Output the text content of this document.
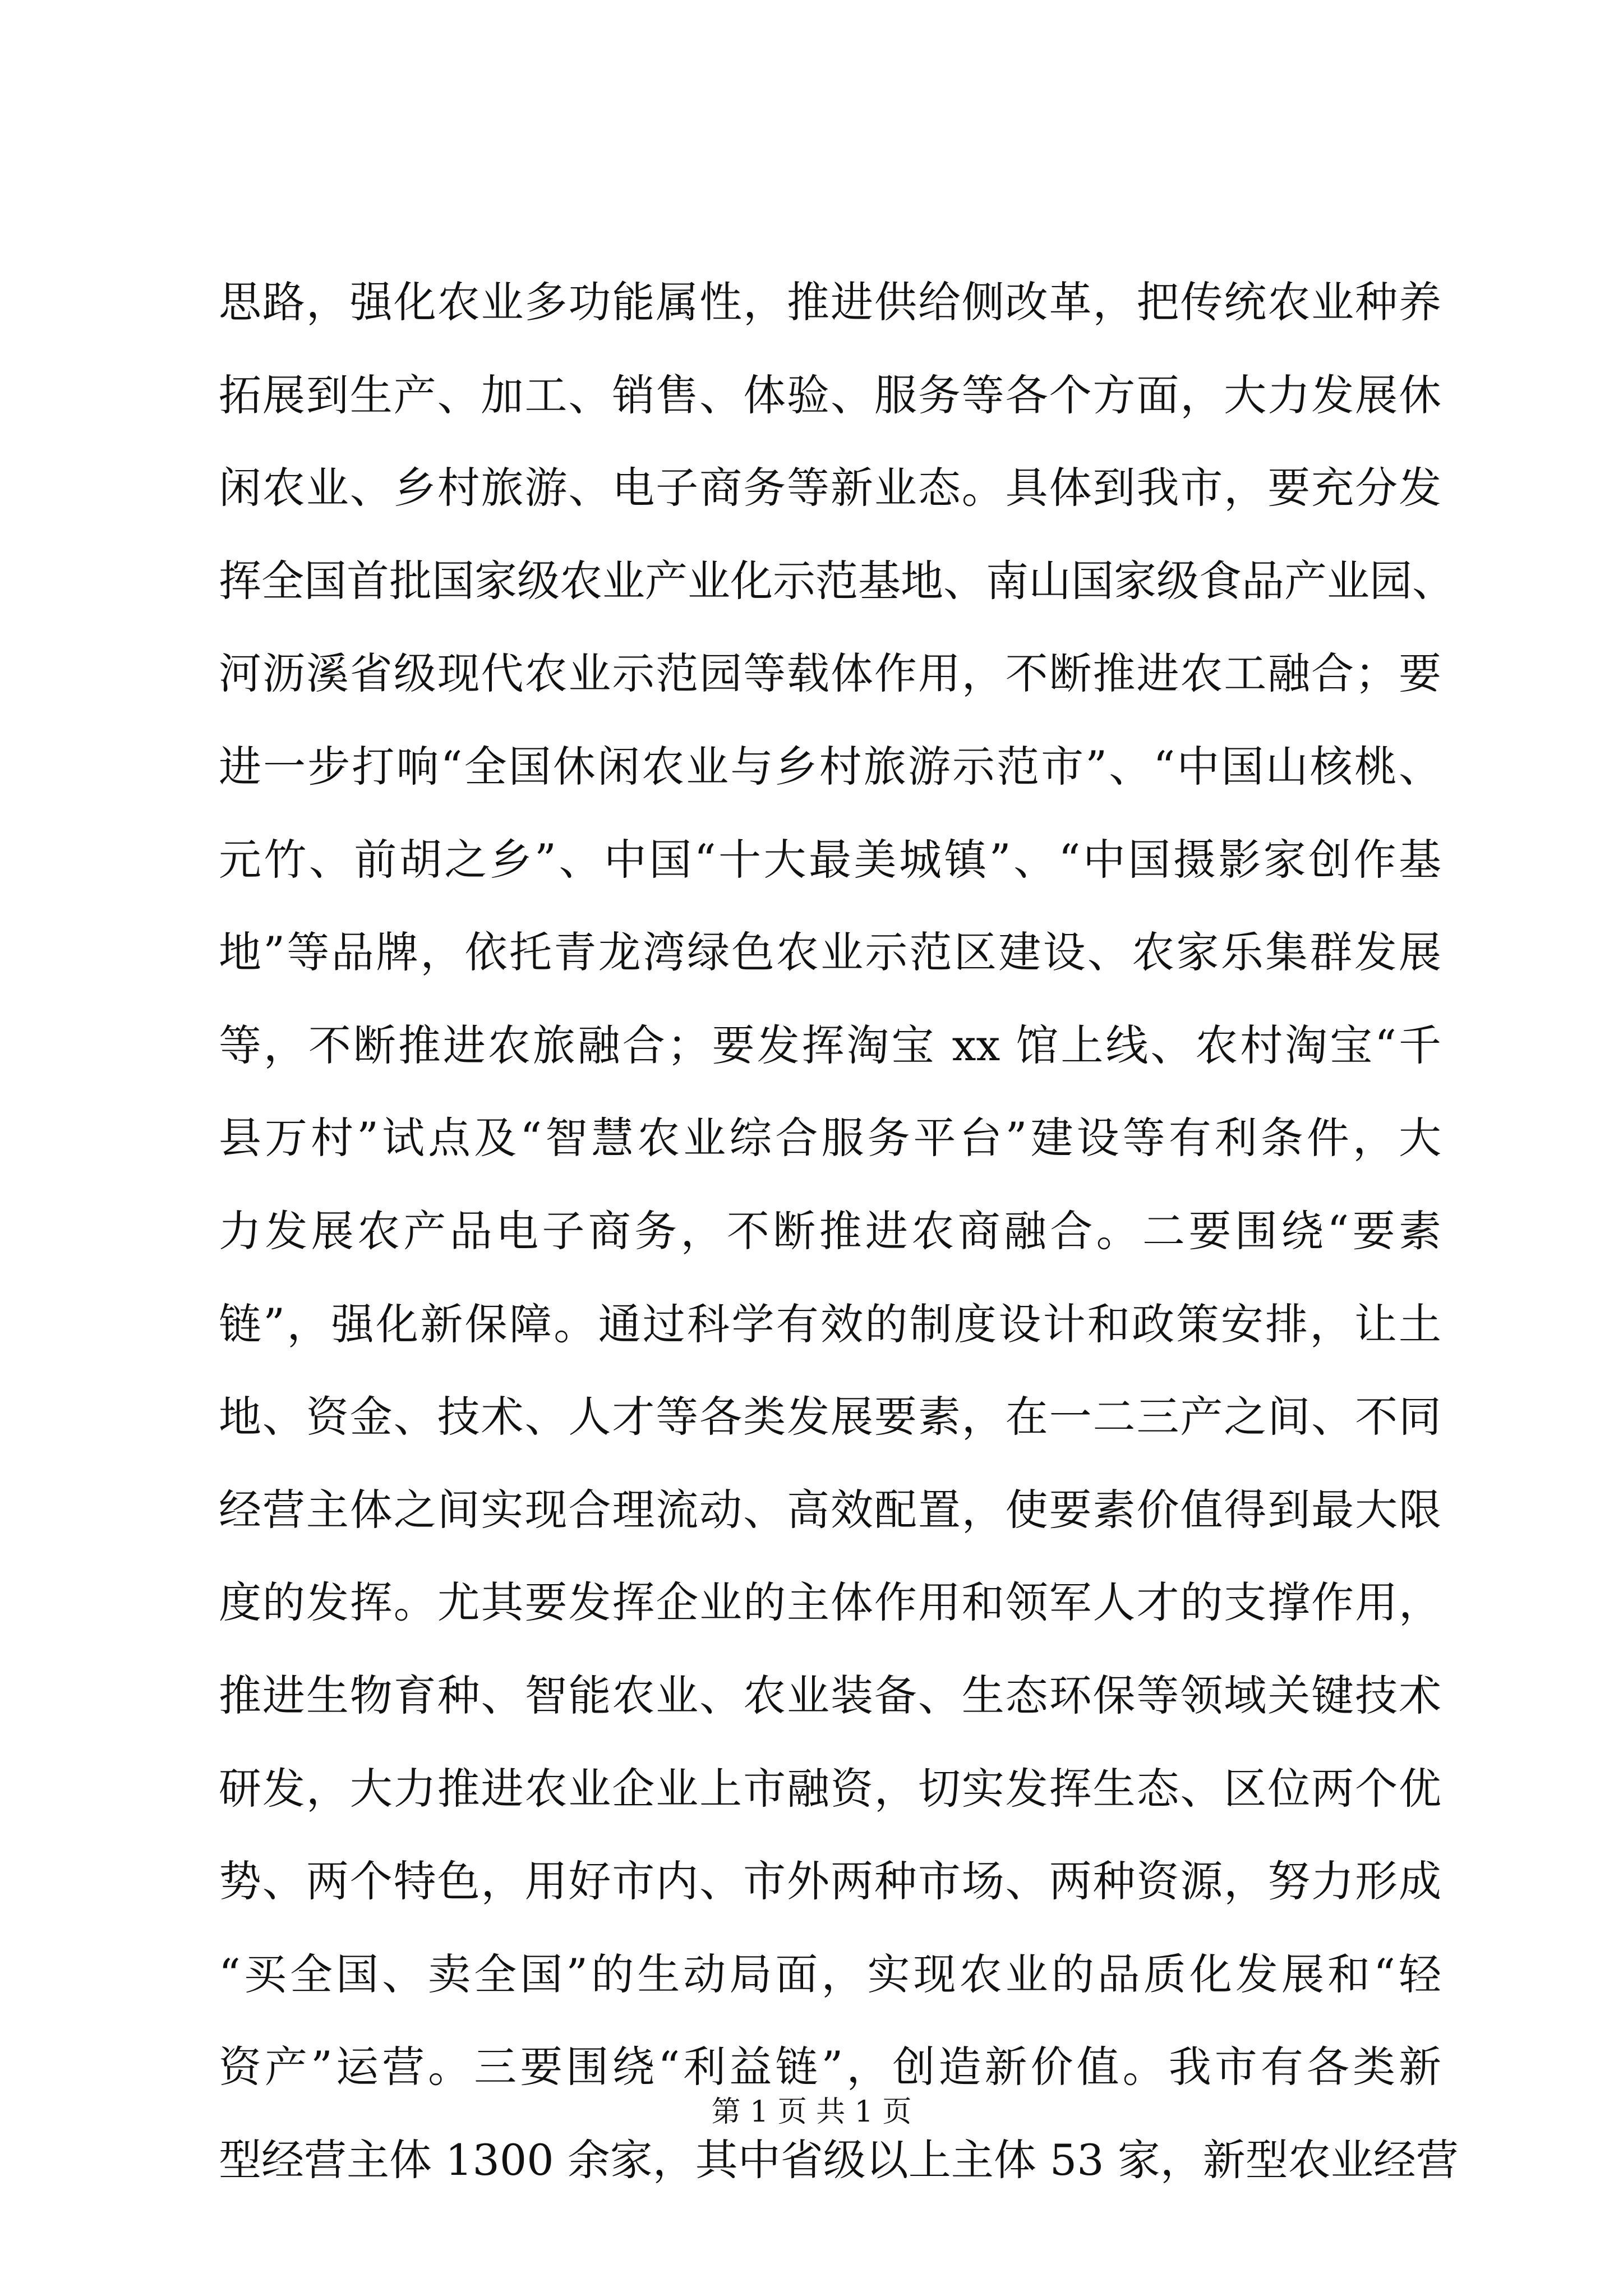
思路，强化农业多功能属性，推进供给侧改革，把传统农业种养
拓展到生产、加工、销售、体验、服务等各个方面，大力发展休
闲农业、乡村旅游、电子商务等新业态。具体到我市，要充分发
挥全国首批国家级农业产业化示范基地、南山国家级食品产业园、
河沥溪省级现代农业示范园等载体作用，不断推进农工融合；要
进一步打响“全国休闲农业与乡村旅游示范市”、“中国山核桃、
元竹、前胡之乡”、中国“十大最美城镇”、“中国摄影家创作基
地”等品牌，依托青龙湾绿色农业示范区建设、农家乐集群发展
等，不断推进农旅融合；要发挥淘宝 xx 馆上线、农村淘宝“千
县万村”试点及“智慧农业综合服务平台”建设等有利条件，大
力发展农产品电子商务，不断推进农商融合。二要围绕“要素
链”，强化新保障。通过科学有效的制度设计和政策安排，让土
地、资金、技术、人才等各类发展要素，在一二三产之间、不同
经营主体之间实现合理流动、高效配置，使要素价值得到最大限
度的发挥。尤其要发挥企业的主体作用和领军人才的支撑作用，
推进生物育种、智能农业、农业装备、生态环保等领域关键技术
研发，大力推进农业企业上市融资，切实发挥生态、区位两个优
势、两个特色，用好市内、市外两种市场、两种资源，努力形成
“买全国、卖全国”的生动局面，实现农业的品质化发展和“轻
资产”运营。三要围绕“利益链”，创造新价值。我市有各类新
型经营主体 1300 余家，其中省级以上主体 53 家，新型农业经营
第 1 页 共 1 页
